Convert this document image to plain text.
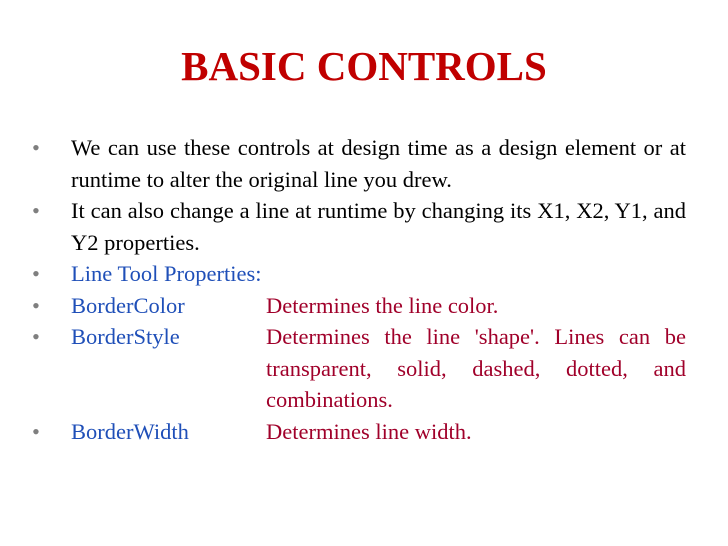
BASIC CONTROLS
• We can use these controls at design time as a design element or at runtime to alter the original line you drew.
• It can also change a line at runtime by changing its X1, X2, Y1, and Y2 properties.
• Line Tool Properties:
• BorderColor	Determines the line color.
• BorderStyle	Determines the line 'shape'. Lines can be transparent, solid, dashed, dotted, and combinations.
• BorderWidth	Determines line width.
